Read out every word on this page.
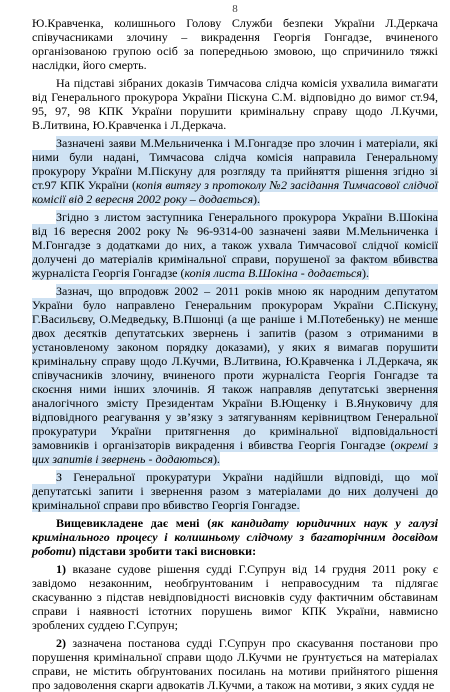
8

Ю.Кравченка, колишнього Голову Служби безпеки України Л.Деркача співучасниками злочину – викрадення Георгія Гонгадзе, вчиненого організованою групою осіб за попередньою змовою, що спричинило тяжкі наслідки, його смерть.

На підставі зібраних доказів Тимчасова слідча комісія ухвалила вимагати від Генерального прокурора України Піскуна С.М. відповідно до вимог ст.94, 95, 97, 98 КПК України порушити кримінальну справу щодо Л.Кучми, В.Литвина, Ю.Кравченка і Л.Деркача.

Зазначені заяви М.Мельниченка і М.Гонгадзе про злочин і матеріали, які ними були надані, Тимчасова слідча комісія направила Генеральному прокурору України М.Піскуну для розгляду та прийняття рішення згідно зі ст.97 КПК України (копія витягу з протоколу №2 засідання Тимчасової слідчої комісії від 2 вересня 2002 року – додається).

Згідно з листом заступника Генерального прокурора України В.Шокіна від 16 вересня 2002 року № 96-9314-00 зазначені заяви М.Мельниченка і М.Гонгадзе з додатками до них, а також ухвала Тимчасової слідчої комісії долучені до матеріалів кримінальної справи, порушеної за фактом вбивства журналіста Георгія Гонгадзе (копія листа В.Шокіна - додається).

Зазнач, що впродовж 2002 – 2011 років мною як народним депутатом України було направлено Генеральним прокурорам України С.Піскуну, Г.Васильєву, О.Медведьку, В.Пшонці (а ще раніше і М.Потебеньку) не менше двох десятків депутатських звернень і запитів (разом з отриманими в установленому законом порядку доказами), у яких я вимагав порушити кримінальну справу щодо Л.Кучми, В.Литвина, Ю.Кравченка і Л.Деркача, як співучасників злочину, вчиненого проти журналіста Георгія Гонгадзе та скоєння ними інших злочинів. Я також направляв депутатські звернення аналогічного змісту Президентам України В.Ющенку і В.Януковичу для відповідного реагування у зв’язку з затягуванням керівництвом Генеральної прокуратури України притягнення до кримінальної відповідальності замовників і організаторів викрадення і вбивства Георгія Гонгадзе (окремі з цих запитів і звернень - додаються).

З Генеральної прокуратури України надійшли відповіді, що мої депутатські запити і звернення разом з матеріалами до них долучені до кримінальної справи про вбивство Георгія Гонгадзе.

Вищевикладене дає мені (як кандидату юридичних наук у галузі кримінального процесу і колишньому слідчому з багаторічним досвідом роботи) підстави зробити такі висновки:

1) вказане судове рішення судді Г.Супрун від 14 грудня 2011 року є завідомо незаконним, необґрунтованим і неправосудним та підлягає скасуванню з підстав невідповідності висновків суду фактичним обставинам справи і наявності істотних порушень вимог КПК України, навмисно зроблених суддею Г.Супрун;

2) зазначена постанова судді Г.Супрун про скасування постанови про порушення кримінальної справи щодо Л.Кучми не ґрунтується на матеріалах справи, не містить обґрунтованих посилань на мотиви прийнятого рішення про задоволення скарги адвокатів Л.Кучми, а також на мотиви, з яких суддя не
